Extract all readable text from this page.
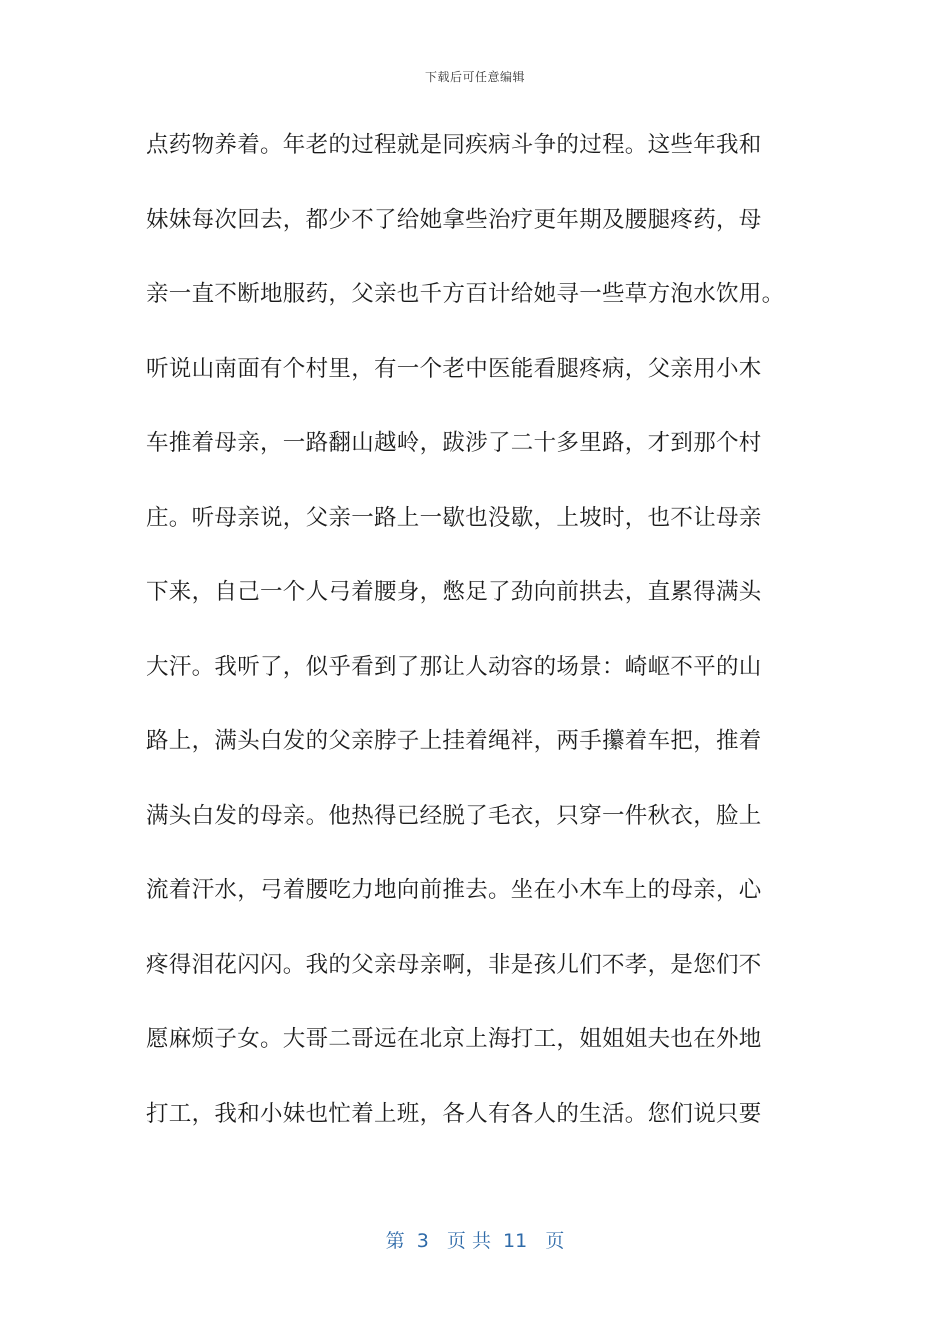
下载后可任意编辑
点药物养着。年老的过程就是同疾病斗争的过程。这些年我和
妹妹每次回去，都少不了给她拿些治疗更年期及腰腿疼药，母
亲一直不断地服药，父亲也千方百计给她寻一些草方泡水饮用。
听说山南面有个村里，有一个老中医能看腿疼病，父亲用小木
车推着母亲，一路翻山越岭，跋涉了二十多里路，才到那个村
庄。听母亲说，父亲一路上一歇也没歇，上坡时，也不让母亲
下来，自己一个人弓着腰身，憋足了劲向前拱去，直累得满头
大汗。我听了，似乎看到了那让人动容的场景：崎岖不平的山
路上，满头白发的父亲脖子上挂着绳袢，两手攥着车把，推着
满头白发的母亲。他热得已经脱了毛衣，只穿一件秋衣，脸上
流着汗水，弓着腰吃力地向前推去。坐在小木车上的母亲，心
疼得泪花闪闪。我的父亲母亲啊，非是孩儿们不孝，是您们不
愿麻烦子女。大哥二哥远在北京上海打工，姐姐姐夫也在外地
打工，我和小妹也忙着上班，各人有各人的生活。您们说只要
第  3   页 共  11   页
